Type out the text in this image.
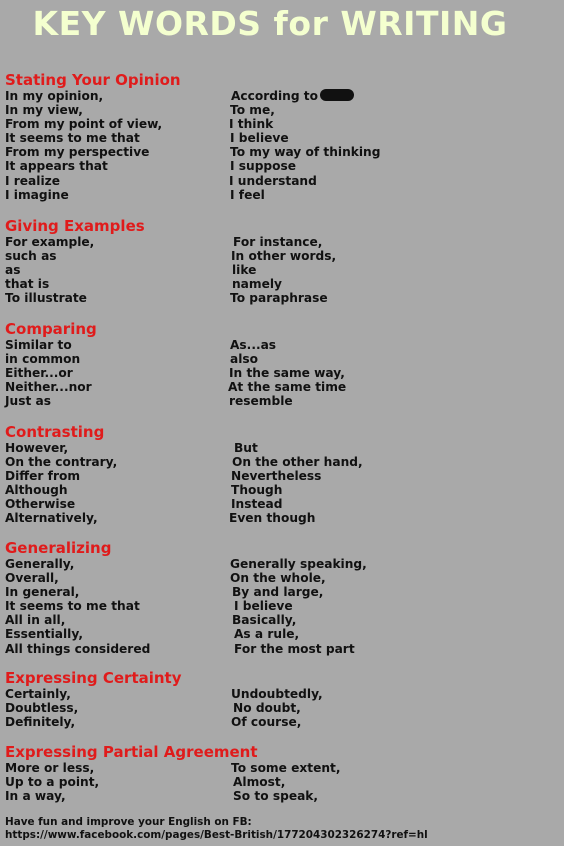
KEY WORDS for WRITING
Stating Your Opinion
In my opinion,	According to
In my view,	To me,
From my point of view,	I think
It seems to me that	I believe
From my perspective	To my way of thinking
It appears that	I suppose
I realize	I understand
I imagine	I feel
Giving Examples
For example,	For instance,
such as	In other words,
as	like
that is	namely
To illustrate	To paraphrase
Comparing
Similar to	As...as
in common	also
Either...or	In the same way,
Neither...nor	At the same time
Just as	resemble
Contrasting
However,	But
On the contrary,	On the other hand,
Differ from	Nevertheless
Although	Though
Otherwise	Instead
Alternatively,	Even though
Generalizing
Generally,	Generally speaking,
Overall,	On the whole,
In general,	By and large,
It seems to me that	I believe
All in all,	Basically,
Essentially,	As a rule,
All things considered	For the most part
Expressing Certainty
Certainly,	Undoubtedly,
Doubtless,	No doubt,
Definitely,	Of course,
Expressing Partial Agreement
More or less,	To some extent,
Up to a point,	Almost,
In a way,	So to speak,
Have fun and improve your English on FB:
https://www.facebook.com/pages/Best-British/177204302326274?ref=hl
